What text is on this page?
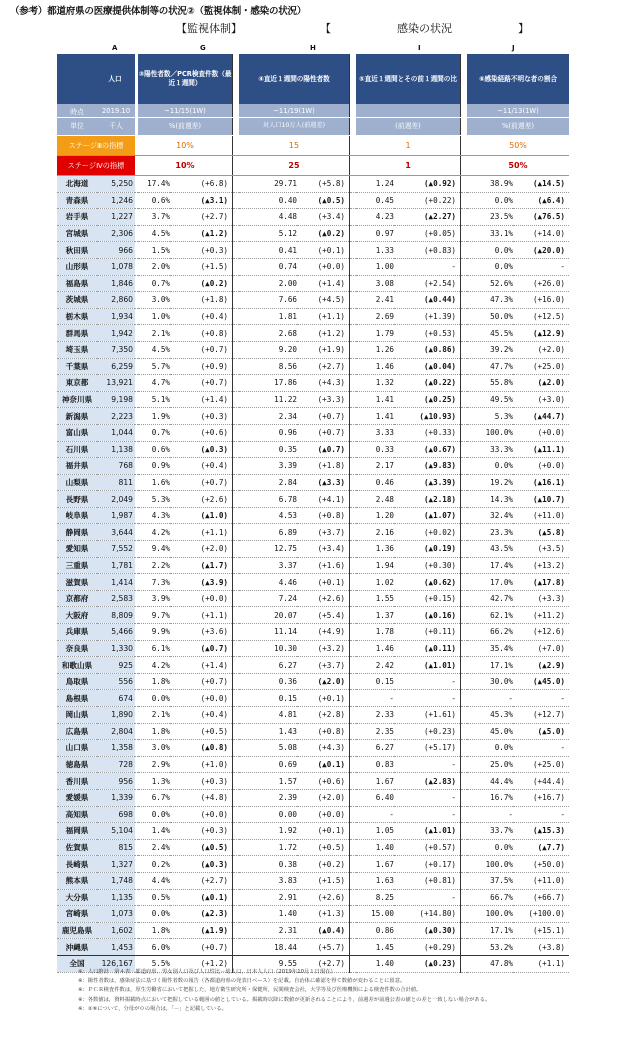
（参考）都道府県の医療提供体制等の状況②（監視体制・感染の状況）
【監視体制】	【　　　　　　感染の状況　　　　　　】
A	G	H	I	J
	人口		③陽性者数／PCR検査件数（最近１週間）			④直近１週間の陽性者数			⑤直近１週間とその前１週間の比			⑥感染経路不明な者の割合	
時点	2019.10		~11/15(1W)			~11/19(1W)						~11/13(1W)	
単位	千人		%(前週差)			対人口10万人(前週差)			(前週差)			%(前週差)	
ステージⅢの指標			10%			15			1			50%	
ステージⅣの指標			10%			25			1			50%	
北海道	5,250		17.4%	(+6.8)		29.71	(+5.8)		1.24	(▲0.92)		38.9%	(▲14.5)
青森県	1,246		0.6%	(▲3.1)		0.40	(▲0.5)		0.45	(+0.22)		0.0%	(▲6.4)
岩手県	1,227		3.7%	(+2.7)		4.48	(+3.4)		4.23	(▲2.27)		23.5%	(▲76.5)
宮城県	2,306		4.5%	(▲1.2)		5.12	(▲0.2)		0.97	(+0.05)		33.1%	(+14.0)
秋田県	966		1.5%	(+0.3)		0.41	(+0.1)		1.33	(+0.83)		0.0%	(▲20.0)
山形県	1,078		2.0%	(+1.5)		0.74	(+0.0)		1.00	-		0.0%	-
福島県	1,846		0.7%	(▲0.2)		2.00	(+1.4)		3.08	(+2.54)		52.6%	(+26.0)
茨城県	2,860		3.0%	(+1.8)		7.66	(+4.5)		2.41	(▲0.44)		47.3%	(+16.0)
栃木県	1,934		1.0%	(+0.4)		1.81	(+1.1)		2.69	(+1.39)		50.0%	(+12.5)
群馬県	1,942		2.1%	(+0.8)		2.68	(+1.2)		1.79	(+0.53)		45.5%	(▲12.9)
埼玉県	7,350		4.5%	(+0.7)		9.20	(+1.9)		1.26	(▲0.86)		39.2%	(+2.0)
千葉県	6,259		5.7%	(+0.9)		8.56	(+2.7)		1.46	(▲0.04)		47.7%	(+25.0)
東京都	13,921		4.7%	(+0.7)		17.86	(+4.3)		1.32	(▲0.22)		55.8%	(▲2.0)
神奈川県	9,198		5.1%	(+1.4)		11.22	(+3.3)		1.41	(▲0.25)		49.5%	(+3.0)
新潟県	2,223		1.9%	(+0.3)		2.34	(+0.7)		1.41	(▲10.93)		5.3%	(▲44.7)
富山県	1,044		0.7%	(+0.6)		0.96	(+0.7)		3.33	(+0.33)		100.0%	(+0.0)
石川県	1,138		0.6%	(▲0.3)		0.35	(▲0.7)		0.33	(▲0.67)		33.3%	(▲11.1)
福井県	768		0.9%	(+0.4)		3.39	(+1.8)		2.17	(▲9.83)		0.0%	(+0.0)
山梨県	811		1.6%	(+0.7)		2.84	(▲3.3)		0.46	(▲3.39)		19.2%	(▲16.1)
長野県	2,049		5.3%	(+2.6)		6.78	(+4.1)		2.48	(▲2.18)		14.3%	(▲10.7)
岐阜県	1,987		4.3%	(▲1.0)		4.53	(+0.8)		1.20	(▲1.07)		32.4%	(+11.0)
静岡県	3,644		4.2%	(+1.1)		6.89	(+3.7)		2.16	(+0.02)		23.3%	(▲5.8)
愛知県	7,552		9.4%	(+2.0)		12.75	(+3.4)		1.36	(▲0.19)		43.5%	(+3.5)
三重県	1,781		2.2%	(▲1.7)		3.37	(+1.6)		1.94	(+0.30)		17.4%	(+13.2)
滋賀県	1,414		7.3%	(▲3.9)		4.46	(+0.1)		1.02	(▲0.62)		17.0%	(▲17.8)
京都府	2,583		3.9%	(+0.0)		7.24	(+2.6)		1.55	(+0.15)		42.7%	(+3.3)
大阪府	8,809		9.7%	(+1.1)		20.07	(+5.4)		1.37	(▲0.16)		62.1%	(+11.2)
兵庫県	5,466		9.9%	(+3.6)		11.14	(+4.9)		1.78	(+0.11)		66.2%	(+12.6)
奈良県	1,330		6.1%	(▲0.7)		10.30	(+3.2)		1.46	(▲0.11)		35.4%	(+7.0)
和歌山県	925		4.2%	(+1.4)		6.27	(+3.7)		2.42	(▲1.01)		17.1%	(▲2.9)
鳥取県	556		1.8%	(+0.7)		0.36	(▲2.0)		0.15	-		30.0%	(▲45.0)
島根県	674		0.0%	(+0.0)		0.15	(+0.1)		-	-		-	-
岡山県	1,890		2.1%	(+0.4)		4.81	(+2.8)		2.33	(+1.61)		45.3%	(+12.7)
広島県	2,804		1.8%	(+0.5)		1.43	(+0.8)		2.35	(+0.23)		45.0%	(▲5.0)
山口県	1,358		3.0%	(▲0.8)		5.08	(+4.3)		6.27	(+5.17)		0.0%	-
徳島県	728		2.9%	(+1.0)		0.69	(▲0.1)		0.83	-		25.0%	(+25.0)
香川県	956		1.3%	(+0.3)		1.57	(+0.6)		1.67	(▲2.83)		44.4%	(+44.4)
愛媛県	1,339		6.7%	(+4.8)		2.39	(+2.0)		6.40	-		16.7%	(+16.7)
高知県	698		0.0%	(+0.0)		0.00	(+0.0)		-	-		-	-
福岡県	5,104		1.4%	(+0.3)		1.92	(+0.1)		1.05	(▲1.01)		33.7%	(▲15.3)
佐賀県	815		2.4%	(▲0.5)		1.72	(+0.5)		1.40	(+0.57)		0.0%	(▲7.7)
長崎県	1,327		0.2%	(▲0.3)		0.38	(+0.2)		1.67	(+0.17)		100.0%	(+50.0)
熊本県	1,748		4.4%	(+2.7)		3.83	(+1.5)		1.63	(+0.81)		37.5%	(+11.0)
大分県	1,135		0.5%	(▲0.1)		2.91	(+2.6)		8.25	-		66.7%	(+66.7)
宮崎県	1,073		0.0%	(▲2.3)		1.40	(+1.3)		15.00	(+14.80)		100.0%	(+100.0)
鹿児島県	1,602		1.8%	(▲1.9)		2.31	(▲0.4)		0.86	(▲0.30)		17.1%	(+15.1)
沖縄県	1,453		6.0%	(+0.7)		18.44	(+5.7)		1.45	(+0.29)		53.2%	(+3.8)
全国	126,167		5.5%	(+1.2)		9.55	(+2.7)		1.40	(▲0.23)		47.8%	(+1.1)
※：人口推計　第４表　都道府県、男女別人口及び人口性比－総人口，日本人人口（2019年10月１日現在）
※：陽性者数は，感染症法に基づく陽性者数の報告（各都道府県の発表日ベース）を記載。自治体に確認を得て数値が変わることに留意。
※：ＰＣＲ検査件数は，厚生労働省において把握した，地方衛生研究所・保健所，民間検査会社，大学等及び医療機関による検査件数の合計値。
※：各数値は，資料掲載時点において把握している範囲の値としている。掲載時以降に数値が更新されることにより，前週差が前週公表の値との差と一致しない場合がある。
※：②⑥について，分母が０の場合は，「－」と記載している。
